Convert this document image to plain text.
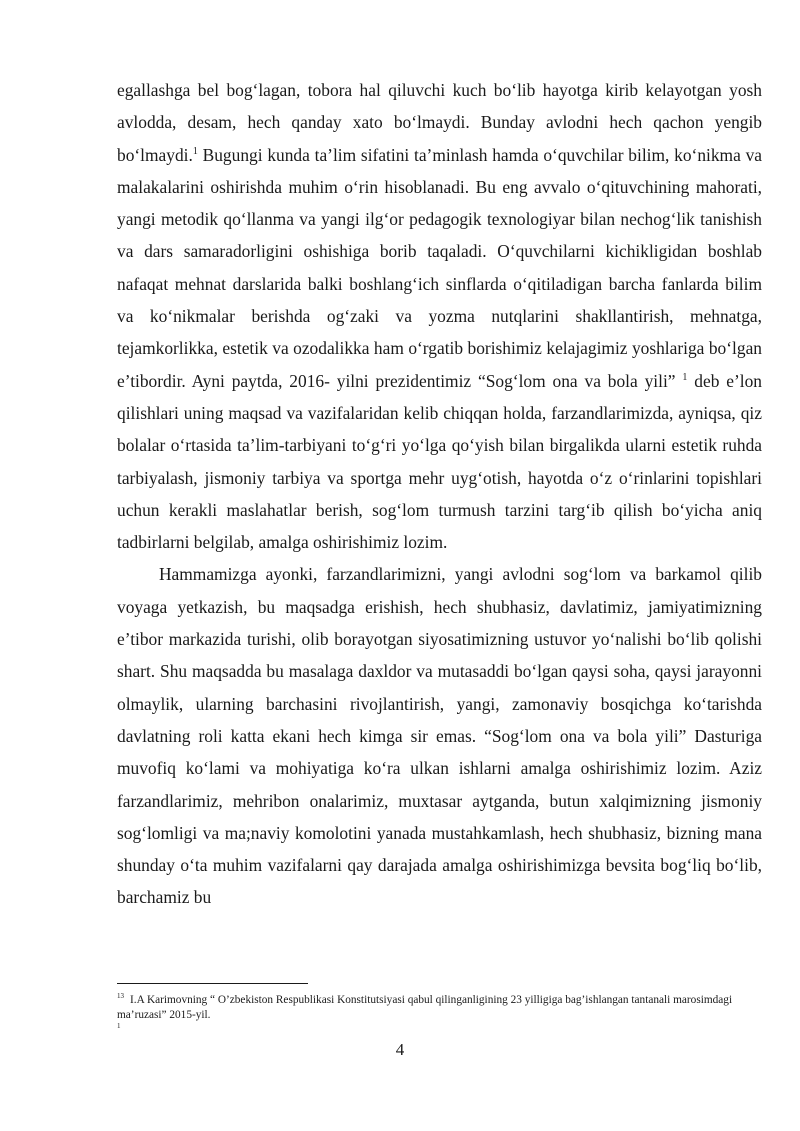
egallashga bel bog‘lagan, tobora hal qiluvchi kuch bo‘lib hayotga kirib kelayotgan yosh avlodda, desam, hech qanday xato bo‘lmaydi. Bunday avlodni hech qachon yengib bo‘lmaydi.$^1$ Bugungi kunda ta’lim sifatini ta’minlash hamda o‘quvchilar bilim, ko‘nikma va malakalarini oshirishda muhim o‘rin hisoblanadi. Bu eng avvalo o‘qituvchining mahorati, yangi metodik qo‘llanma va yangi ilg‘or pedagogik texnologiyar bilan nechog‘lik tanishish va dars samaradorligini oshishiga borib taqaladi. O‘quvchilarni kichikligidan boshlab nafaqat mehnat darslarida balki boshlang‘ich sinflarda o‘qitiladigan barcha fanlarda bilim va ko‘nikmalar berishda og‘zaki va yozma nutqlarini shakllantirish, mehnatga, tejamkorlikka, estetik va ozodalikka ham o‘rgatib borishimiz kelajagimiz yoshlariga bo‘lgan e’tibordir. Ayni paytda, 2016- yilni prezidentimiz “Sog‘lom ona va bola yili” $^1$ deb e’lon qilishlari uning maqsad va vazifalaridan kelib chiqqan holda, farzandlarimizda, ayniqsa, qiz bolalar o‘rtasida ta’lim-tarbiyani to‘g‘ri yo‘lga qo‘yish bilan birgalikda ularni estetik ruhda tarbiyalash, jismoniy tarbiya va sportga mehr uyg‘otish, hayotda o‘z o‘rinlarini topishlari uchun kerakli maslahatlar berish, sog‘lom turmush tarzini targ‘ib qilish bo‘yicha aniq tadbirlarni belgilab, amalga oshirishimiz lozim.

Hammamizga ayonki, farzandlarimizni, yangi avlodni sog‘lom va barkamol qilib voyaga yetkazish, bu maqsadga erishish, hech shubhasiz, davlatimiz, jamiyatimizning e’tibor markazida turishi, olib borayotgan siyosatimizning ustuvor yo‘nalishi bo‘lib qolishi shart. Shu maqsadda bu masalaga daxldor va mutasaddi bo‘lgan qaysi soha, qaysi jarayonni olmaylik, ularning barchasini rivojlantirish, yangi, zamonaviy bosqichga ko‘tarishda davlatning roli katta ekani hech kimga sir emas. “Sog‘lom ona va bola yili” Dasturiga muvofiq ko‘lami va mohiyatiga ko‘ra ulkan ishlarni amalga oshirishimiz lozim. Aziz farzandlarimiz, mehribon onalarimiz, muxtasar aytganda, butun xalqimizning jismoniy sog‘lomligi va ma;naviy komolotini yanada mustahkamlash, hech shubhasiz, bizning mana shunday o‘ta muhim vazifalarni qay darajada amalga oshirishimizga bevsita bog‘liq bo‘lib, barchamiz bu

$^{13}$ I.A Karimovning “ O’zbekiston Respublikasi Konstitutsiyasi qabul qilinganligining 23 yilligiga bag’ishlangan tantanali marosimdagi ma’ruzasi” 2015-yil.

1
4
